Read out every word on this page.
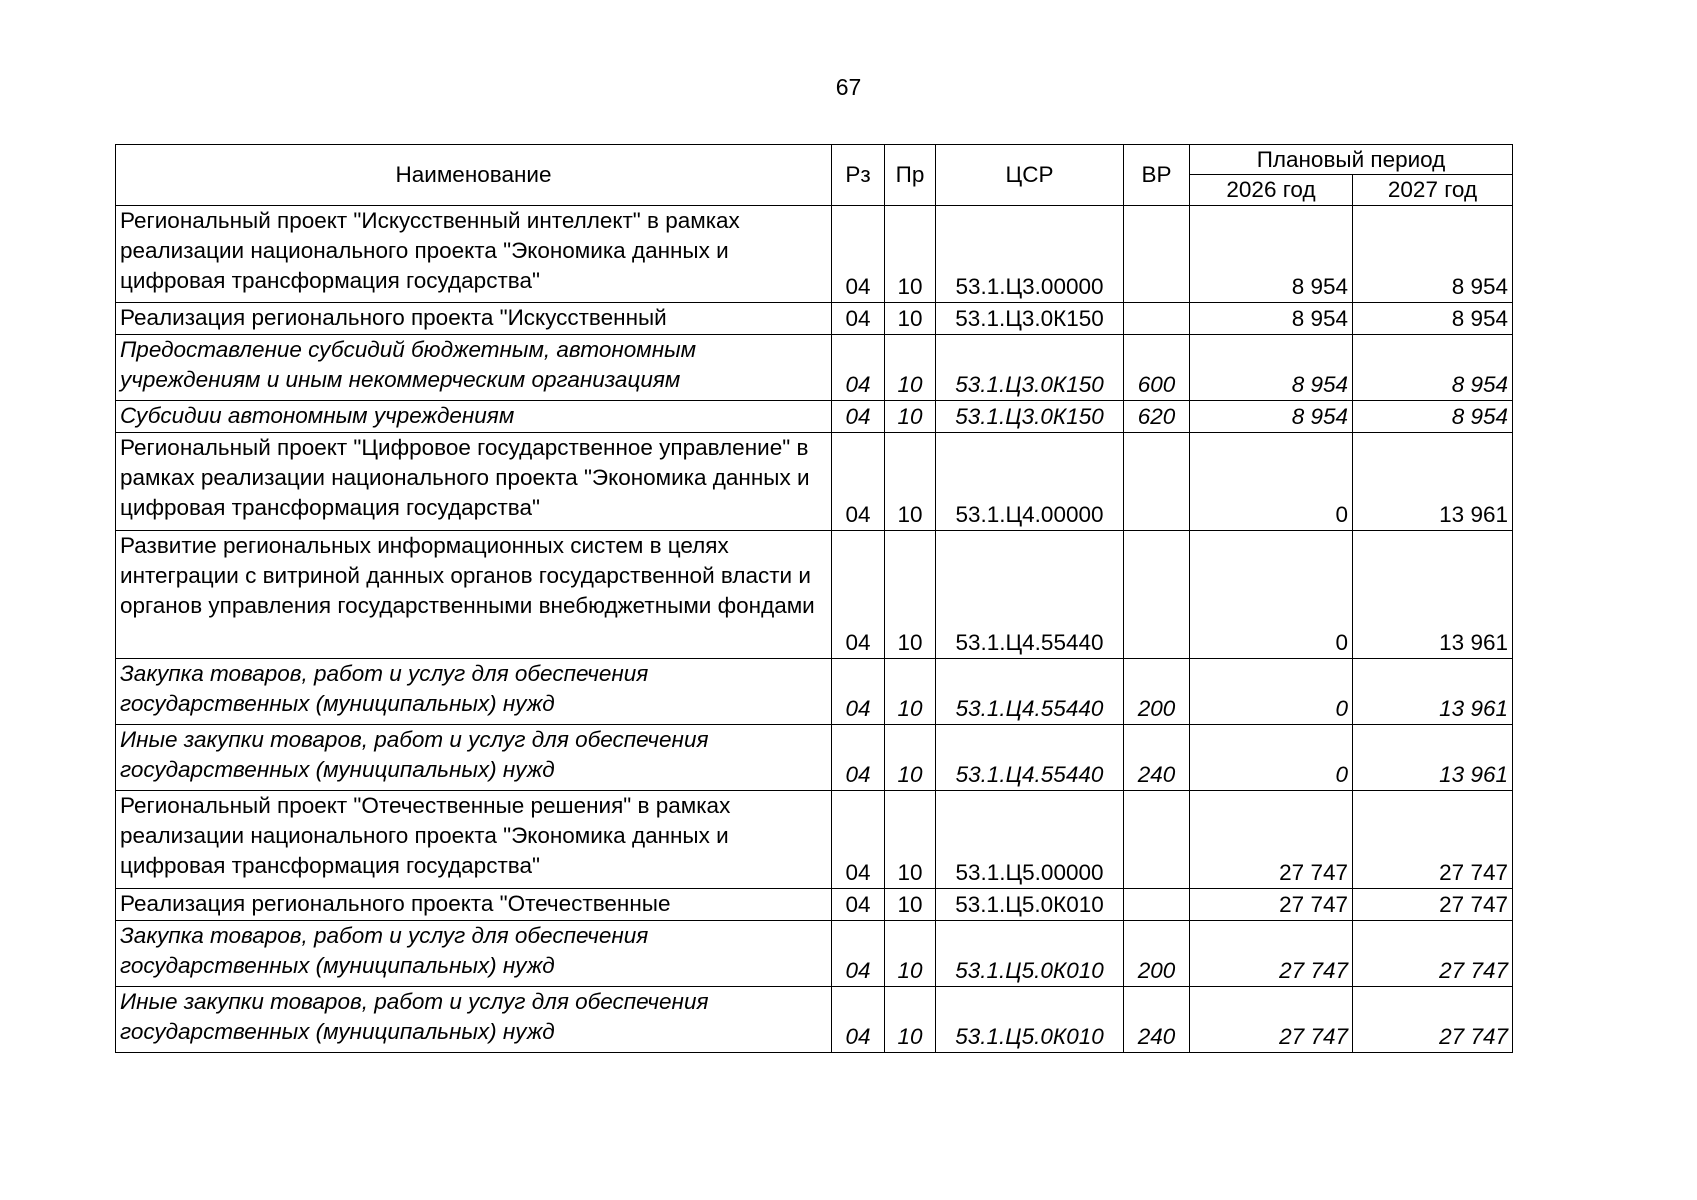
67
Наименование	Рз	Пр	ЦСР	ВР	Плановый период	
					2026 год	2027 год
Региональный проект "Искусственный интеллект" в рамках реализации национального проекта "Экономика данных и цифровая трансформация государства"	04	10	53.1.Ц3.00000		8 954	8 954
Реализация регионального проекта "Искусственный	04	10	53.1.Ц3.0К150		8 954	8 954
Предоставление субсидий бюджетным, автономным учреждениям и иным некоммерческим организациям	04	10	53.1.Ц3.0К150	600	8 954	8 954
Субсидии автономным учреждениям	04	10	53.1.Ц3.0К150	620	8 954	8 954
Региональный проект "Цифровое государственное управление" в рамках реализации национального проекта "Экономика данных и цифровая трансформация государства"	04	10	53.1.Ц4.00000		0	13 961
Развитие региональных информационных систем в целях интеграции с витриной данных органов государственной власти и органов управления государственными внебюджетными фондами	04	10	53.1.Ц4.55440		0	13 961
Закупка товаров, работ и услуг для обеспечения государственных (муниципальных) нужд	04	10	53.1.Ц4.55440	200	0	13 961
Иные закупки товаров, работ и услуг для обеспечения государственных (муниципальных) нужд	04	10	53.1.Ц4.55440	240	0	13 961
Региональный проект "Отечественные решения" в рамках реализации национального проекта "Экономика данных и цифровая трансформация государства"	04	10	53.1.Ц5.00000		27 747	27 747
Реализация регионального проекта "Отечественные	04	10	53.1.Ц5.0К010		27 747	27 747
Закупка товаров, работ и услуг для обеспечения государственных (муниципальных) нужд	04	10	53.1.Ц5.0К010	200	27 747	27 747
Иные закупки товаров, работ и услуг для обеспечения государственных (муниципальных) нужд	04	10	53.1.Ц5.0К010	240	27 747	27 747
